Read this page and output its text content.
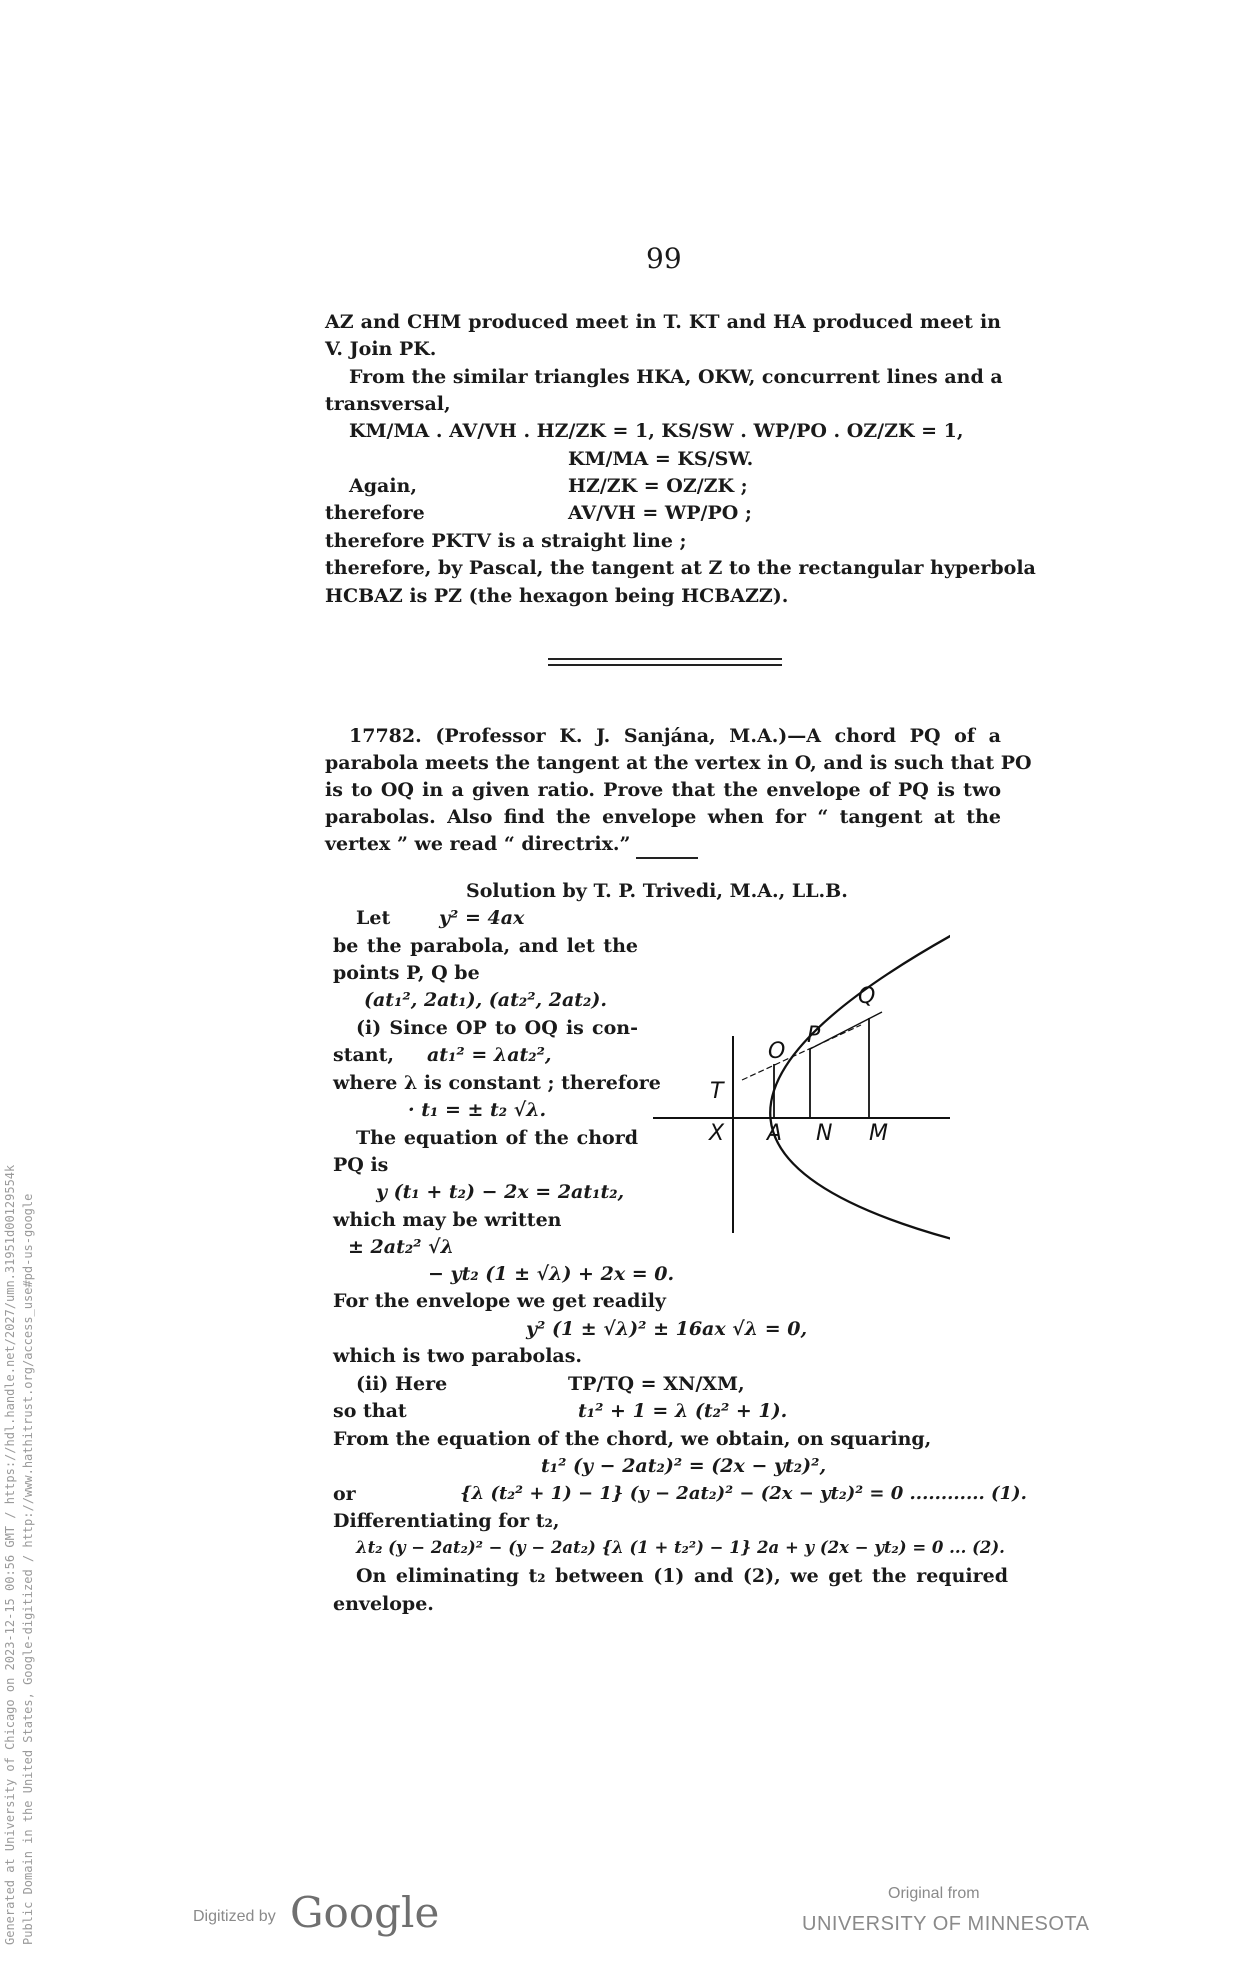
Generated at University of Chicago on 2023-12-15 00:56 GMT / https://hdl.handle.net/2027/umn.31951d00129554k Public Domain in the United States, Google-digitized / http://www.hathitrust.org/access_use#pd-us-google
99
AZ and CHM produced meet in T. KT and HA produced meet in
V. Join PK.
From the similar triangles HKA, OKW, concurrent lines and a
transversal,
KM/MA . AV/VH . HZ/ZK = 1, KS/SW . WP/PO . OZ/ZK = 1,
KM/MA = KS/SW.
Again,	HZ/ZK = OZ/ZK ;
therefore	AV/VH = WP/PO ;
therefore PKTV is a straight line ;
therefore, by Pascal, the tangent at Z to the rectangular hyperbola
HCBAZ is PZ (the hexagon being HCBAZZ).
17782. (Professor K. J. Sanjána, M.A.)—A chord PQ of a
parabola meets the tangent at the vertex in O, and is such that PO
is to OQ in a given ratio. Prove that the envelope of PQ is two
parabolas. Also find the envelope when for “ tangent at the
vertex ” we read “ directrix.”
Solution by T. P. Trivedi, M.A., LL.B.
Let	y² = 4ax
be the parabola, and let the
points P, Q be
(at₁², 2at₁), (at₂², 2at₂).
(i) Since OP to OQ is con-
stant, at₁² = λat₂²,
where λ is constant ; therefore
· t₁ = ± t₂ √λ.
The equation of the chord
PQ is
y (t₁ + t₂) − 2x = 2at₁t₂,
which may be written
± 2at₂² √λ
− yt₂ (1 ± √λ) + 2x = 0.
For the envelope we get readily
y² (1 ± √λ)² ± 16ax √λ = 0,
which is two parabolas.
(ii) Here	TP/TQ = XN/XM,
so that	t₁² + 1 = λ (t₂² + 1).
From the equation of the chord, we obtain, on squaring,
t₁² (y − 2at₂)² = (2x − yt₂)²,
or	{λ (t₂² + 1) − 1} (y − 2at₂)² − (2x − yt₂)² = 0 ............ (1).
Differentiating for t₂,
λt₂ (y − 2at₂)² − (y − 2at₂) {λ (1 + t₂²) − 1} 2a + y (2x − yt₂) = 0 ... (2).
On eliminating t₂ between (1) and (2), we get the required
envelope.
Q
P
O
T
X A N M
Digitized by Google	Original from
UNIVERSITY OF MINNESOTA
